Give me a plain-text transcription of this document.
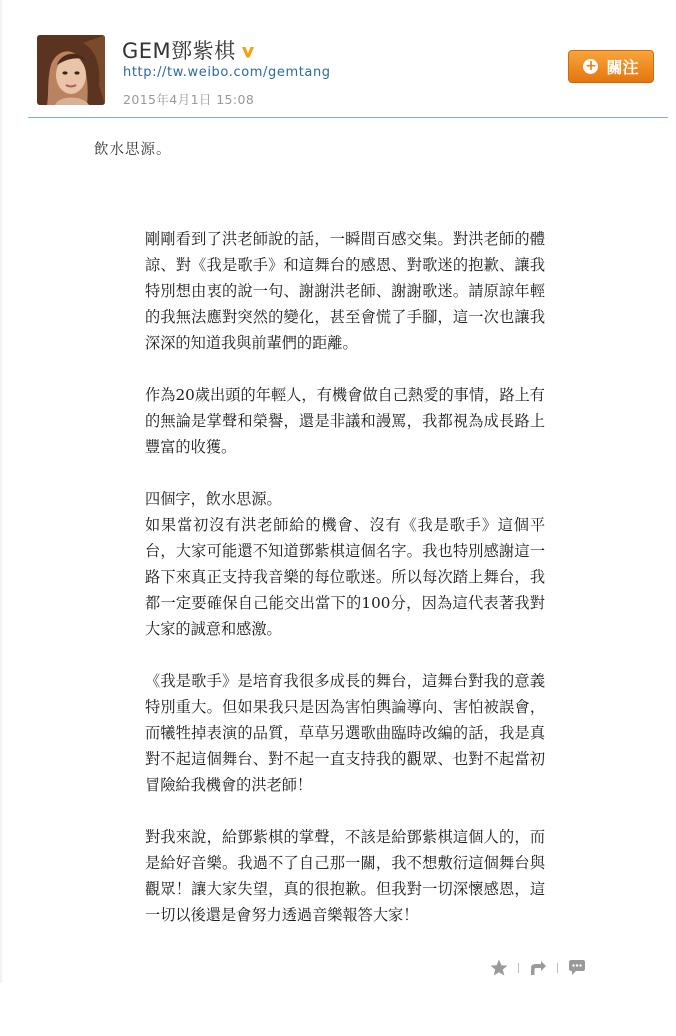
GEM鄧紫棋
http://tw.weibo.com/gemtang
2015年4月1日 15:08
+ 關注
飲水思源。

剛剛看到了洪老師說的話，一瞬間百感交集。對洪老師的體諒、對《我是歌手》和這舞台的感恩、對歌迷的抱歉、讓我特別想由衷的說一句、謝謝洪老師、謝謝歌迷。請原諒年輕的我無法應對突然的變化，甚至會慌了手腳，這一次也讓我深深的知道我與前輩們的距離。

作為20歲出頭的年輕人，有機會做自己熱愛的事情，路上有的無論是掌聲和榮譽，還是非議和謾罵，我都視為成長路上豐富的收獲。

四個字，飲水思源。

如果當初沒有洪老師給的機會、沒有《我是歌手》這個平台，大家可能還不知道鄧紫棋這個名字。我也特別感謝這一路下來真正支持我音樂的每位歌迷。所以每次踏上舞台，我都一定要確保自己能交出當下的100分，因為這代表著我對大家的誠意和感激。

《我是歌手》是培育我很多成長的舞台，這舞台對我的意義特別重大。但如果我只是因為害怕輿論導向、害怕被誤會，而犧牲掉表演的品質，草草另選歌曲臨時改編的話，我是真對不起這個舞台、對不起一直支持我的觀眾、也對不起當初冒險給我機會的洪老師！

對我來說，給鄧紫棋的掌聲，不該是給鄧紫棋這個人的，而是給好音樂。我過不了自己那一關，我不想敷衍這個舞台與觀眾！讓大家失望，真的很抱歉。但我對一切深懷感恩，這一切以後還是會努力透過音樂報答大家！
